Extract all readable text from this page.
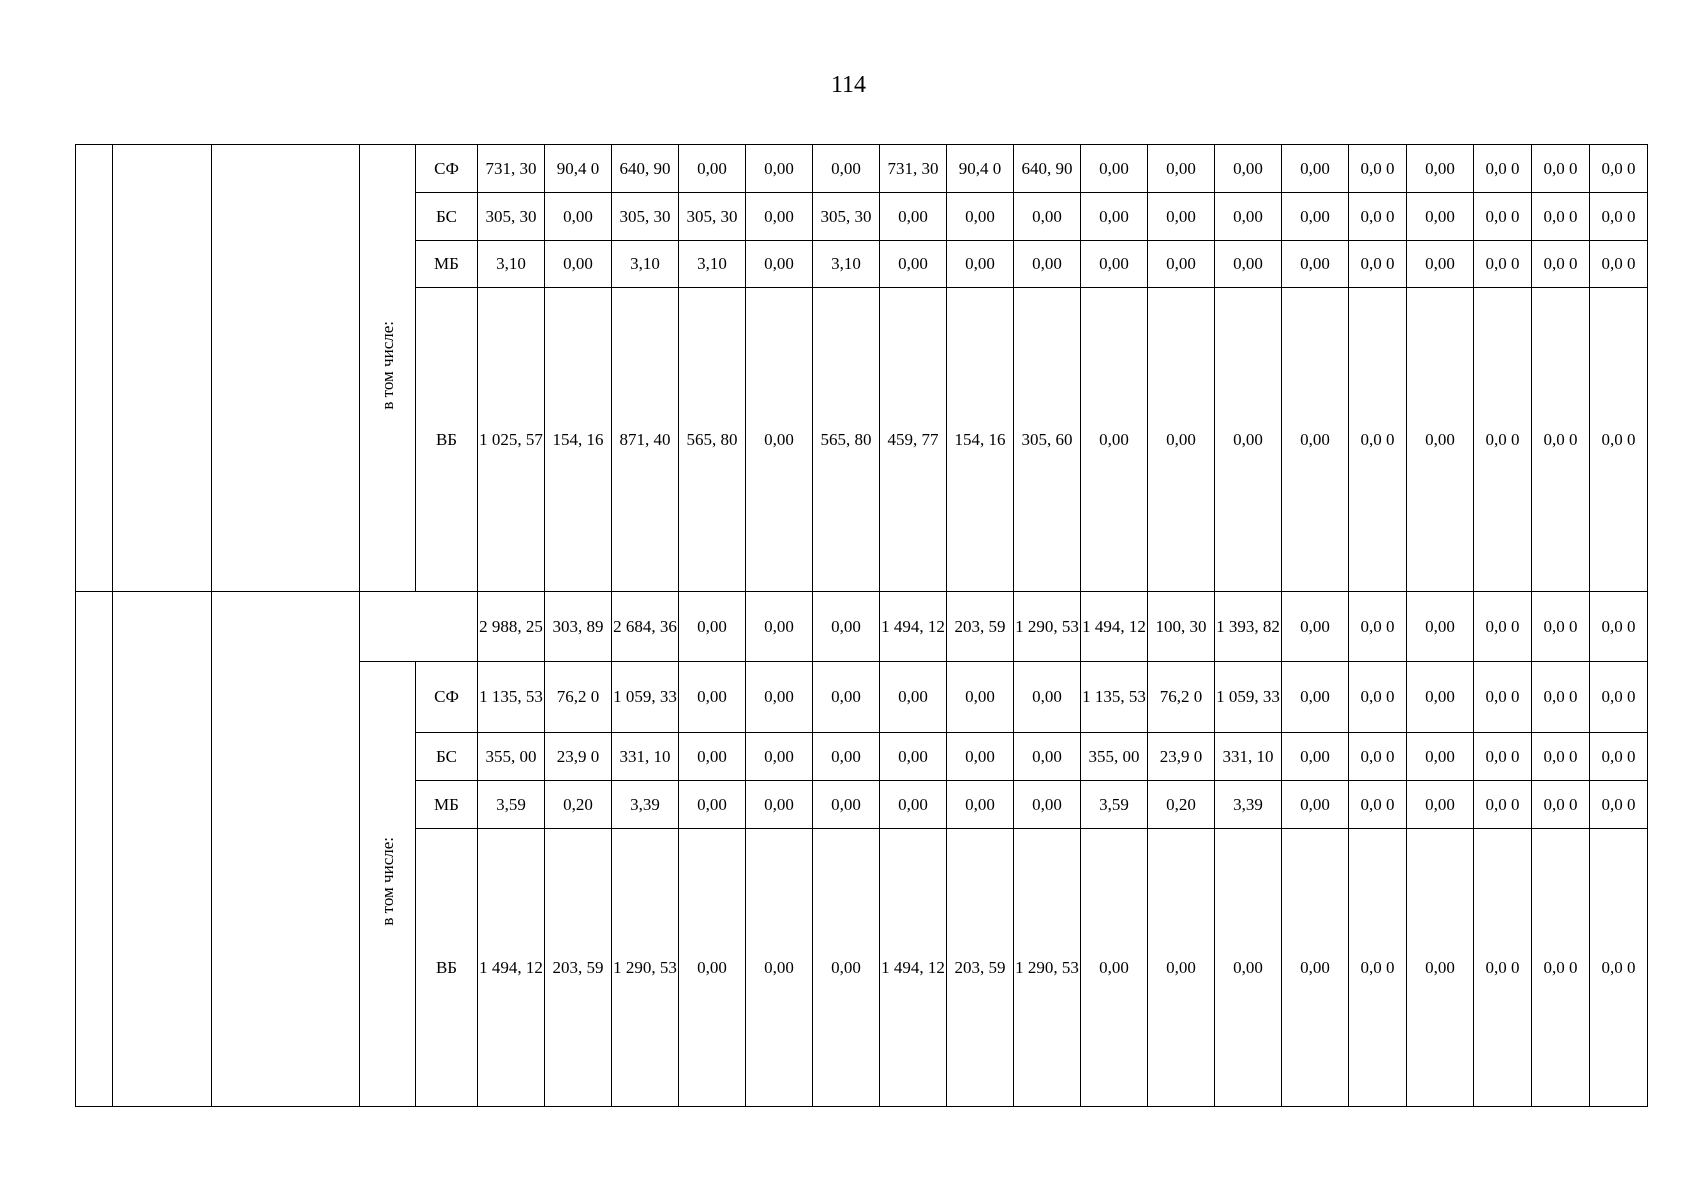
114
			в том числе:	СФ	731, 30	90,4 0	640, 90	0,00	0,00	0,00	731, 30	90,4 0	640, 90	0,00	0,00	0,00	0,00	0,0 0	0,00	0,0 0	0,0 0	0,0 0
				БС	305, 30	0,00	305, 30	305, 30	0,00	305, 30	0,00	0,00	0,00	0,00	0,00	0,00	0,00	0,0 0	0,00	0,0 0	0,0 0	0,0 0
				МБ	3,10	0,00	3,10	3,10	0,00	3,10	0,00	0,00	0,00	0,00	0,00	0,00	0,00	0,0 0	0,00	0,0 0	0,0 0	0,0 0
				ВБ	1 025, 57	154, 16	871, 40	565, 80	0,00	565, 80	459, 77	154, 16	305, 60	0,00	0,00	0,00	0,00	0,0 0	0,00	0,0 0	0,0 0	0,0 0
					2 988, 25	303, 89	2 684, 36	0,00	0,00	0,00	1 494, 12	203, 59	1 290, 53	1 494, 12	100, 30	1 393, 82	0,00	0,0 0	0,00	0,0 0	0,0 0	0,0 0
			в том числе:	СФ	1 135, 53	76,2 0	1 059, 33	0,00	0,00	0,00	0,00	0,00	0,00	1 135, 53	76,2 0	1 059, 33	0,00	0,0 0	0,00	0,0 0	0,0 0	0,0 0
				БС	355, 00	23,9 0	331, 10	0,00	0,00	0,00	0,00	0,00	0,00	355, 00	23,9 0	331, 10	0,00	0,0 0	0,00	0,0 0	0,0 0	0,0 0
				МБ	3,59	0,20	3,39	0,00	0,00	0,00	0,00	0,00	0,00	3,59	0,20	3,39	0,00	0,0 0	0,00	0,0 0	0,0 0	0,0 0
				ВБ	1 494, 12	203, 59	1 290, 53	0,00	0,00	0,00	1 494, 12	203, 59	1 290, 53	0,00	0,00	0,00	0,00	0,0 0	0,00	0,0 0	0,0 0	0,0 0
